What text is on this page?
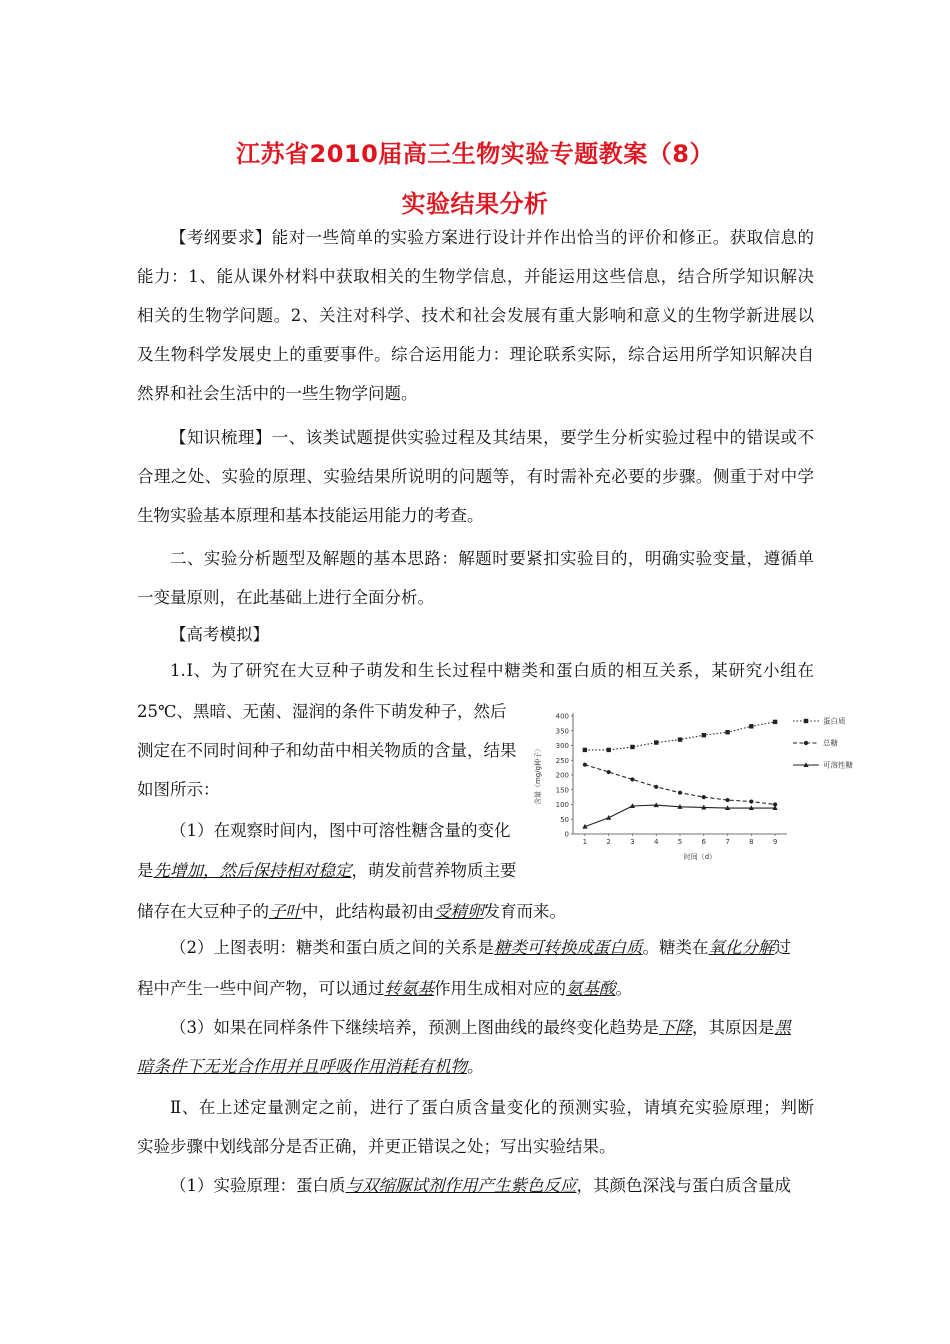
江苏省2010届高三生物实验专题教案（8）
实验结果分析
【考纲要求】能对一些简单的实验方案进行设计并作出恰当的评价和修正。获取信息的
能力：1、能从课外材料中获取相关的生物学信息，并能运用这些信息，结合所学知识解决
相关的生物学问题。2、关注对科学、技术和社会发展有重大影响和意义的生物学新进展以
及生物科学发展史上的重要事件。综合运用能力：理论联系实际，综合运用所学知识解决自
然界和社会生活中的一些生物学问题。
【知识梳理】一、该类试题提供实验过程及其结果，要学生分析实验过程中的错误或不
合理之处、实验的原理、实验结果所说明的问题等，有时需补充必要的步骤。侧重于对中学
生物实验基本原理和基本技能运用能力的考查。
二、实验分析题型及解题的基本思路：解题时要紧扣实验目的，明确实验变量，遵循单
一变量原则，在此基础上进行全面分析。
【高考模拟】
1.Ⅰ、为了研究在大豆种子萌发和生长过程中糖类和蛋白质的相互关系，某研究小组在
25℃、黑暗、无菌、湿润的条件下萌发种子，然后
测定在不同时间种子和幼苗中相关物质的含量，结果
如图所示：
（1）在观察时间内，图中可溶性糖含量的变化
是先增加，然后保持相对稳定，萌发前营养物质主要
储存在大豆种子的子叶中，此结构最初由受精卵发育而来。
（2）上图表明：糖类和蛋白质之间的关系是糖类可转换成蛋白质。糖类在氧化分解过
程中产生一些中间产物，可以通过转氨基作用生成相对应的氨基酸。
（3）如果在同样条件下继续培养，预测上图曲线的最终变化趋势是下降，其原因是黑
暗条件下无光合作用并且呼吸作用消耗有机物。
Ⅱ、在上述定量测定之前，进行了蛋白质含量变化的预测实验，请填充实验原理；判断
实验步骤中划线部分是否正确，并更正错误之处；写出实验结果。
（1）实验原理：蛋白质与双缩脲试剂作用产生紫色反应，其颜色深浅与蛋白质含量成
0
50
100
150
200
250
300
350
400
1	2	3	4	5	6	7	8	9
蛋白质
总糖
可溶性糖
含量（mg/g种子）
时间（d）
